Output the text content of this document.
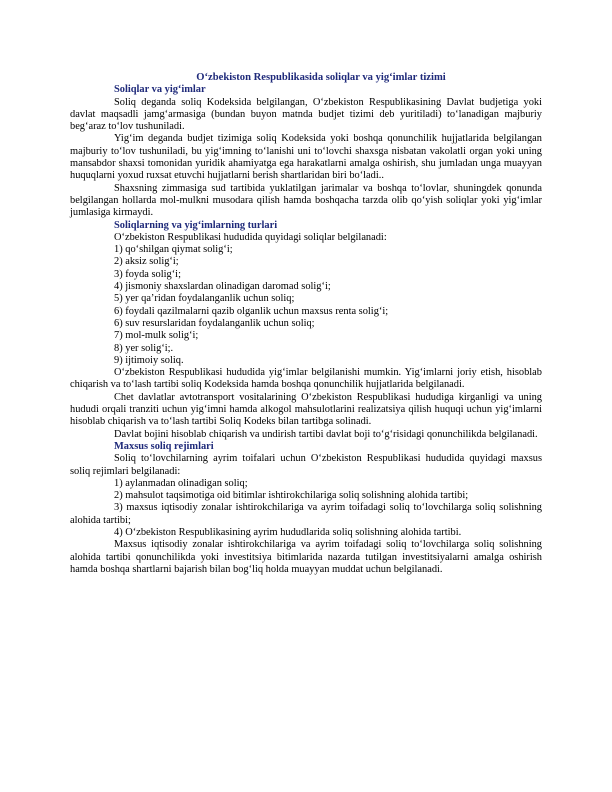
O‘zbekiston Respublikasida soliqlar va yig‘imlar tizimi

Soliqlar va yig‘imlar

Soliq deganda soliq Kodeksida belgilangan, O‘zbekiston Respublikasining Davlat budjetiga yoki davlat maqsadli jamg‘armasiga (bundan buyon matnda budjet tizimi deb yuritiladi) to‘lanadigan majburiy beg‘araz to‘lov tushuniladi.

Yig‘im deganda budjet tizimiga soliq Kodeksida yoki boshqa qonunchilik hujjatlarida belgilangan majburiy to‘lov tushuniladi, bu yig‘imning to‘lanishi uni to‘lovchi shaxsga nisbatan vakolatli organ yoki uning mansabdor shaxsi tomonidan yuridik ahamiyatga ega harakatlarni amalga oshirish, shu jumladan unga muayyan huquqlarni yoxud ruxsat etuvchi hujjatlarni berish shartlaridan biri bo‘ladi..

Shaxsning zimmasiga sud tartibida yuklatilgan jarimalar va boshqa to‘lovlar, shuningdek qonunda belgilangan hollarda mol-mulkni musodara qilish hamda boshqacha tarzda olib qo‘yish soliqlar yoki yig‘imlar jumlasiga kirmaydi.

Soliqlarning va yig‘imlarning turlari

O‘zbekiston Respublikasi hududida quyidagi soliqlar belgilanadi:

1) qo‘shilgan qiymat solig‘i;

2) aksiz solig‘i;

3) foyda solig‘i;

4) jismoniy shaxslardan olinadigan daromad solig‘i;

5) yer qa’ridan foydalanganlik uchun soliq;

6) foydali qazilmalarni qazib olganlik uchun maxsus renta solig‘i;

6) suv resurslaridan foydalanganlik uchun soliq;

7) mol-mulk solig‘i;

8) yer solig‘i;.

9) ijtimoiy soliq.

O‘zbekiston Respublikasi hududida yig‘imlar belgilanishi mumkin. Yig‘imlarni joriy etish, hisoblab chiqarish va to‘lash tartibi soliq Kodeksida hamda boshqa qonunchilik hujjatlarida belgilanadi.

Chet davlatlar avtotransport vositalarining O‘zbekiston Respublikasi hududiga kirganligi va uning hududi orqali tranziti uchun yig‘imni hamda alkogol mahsulotlarini realizatsiya qilish huquqi uchun yig‘imlarni hisoblab chiqarish va to‘lash tartibi Soliq Kodeks bilan tartibga solinadi.

Davlat bojini hisoblab chiqarish va undirish tartibi davlat boji to‘g‘risidagi qonunchilikda belgilanadi.

Maxsus soliq rejimlari

Soliq to‘lovchilarning ayrim toifalari uchun O‘zbekiston Respublikasi hududida quyidagi maxsus soliq rejimlari belgilanadi:

1) aylanmadan olinadigan soliq;

2) mahsulot taqsimotiga oid bitimlar ishtirokchilariga soliq solishning alohida tartibi;

3) maxsus iqtisodiy zonalar ishtirokchilariga va ayrim toifadagi soliq to‘lovchilarga soliq solishning alohida tartibi;

4) O‘zbekiston Respublikasining ayrim hududlarida soliq solishning alohida tartibi.

Maxsus iqtisodiy zonalar ishtirokchilariga va ayrim toifadagi soliq to‘lovchilarga soliq solishning alohida tartibi qonunchilikda yoki investitsiya bitimlarida nazarda tutilgan investitsiyalarni amalga oshirish hamda boshqa shartlarni bajarish bilan bog‘liq holda muayyan muddat uchun belgilanadi.
